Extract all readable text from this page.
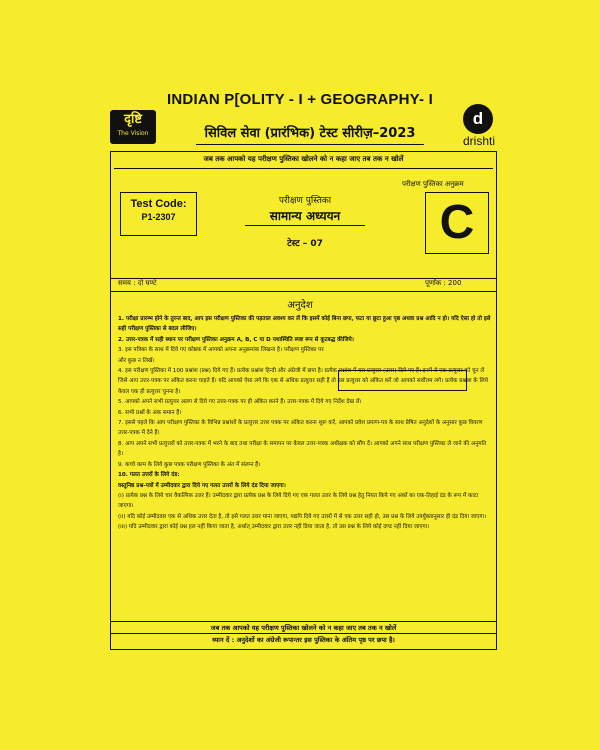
INDIAN P[OLITY - I + GEOGRAPHY- I
दृष्टि
The Vision	सिविल सेवा (प्रारंभिक) टेस्ट सीरीज़–2023
d
drishti
जब तक आपको यह परीक्षण पुस्तिका खोलने को न कहा जाए तब तक न खोलें
परीक्षण पुस्तिका अनुक्रम
Test Code:
P1-2307
परीक्षण पुस्तिका
सामान्य अध्ययन
टेस्ट – 07	C
समय : दो घण्टे	पूर्णांक : 200
अनुदेश

1. परीक्षा प्रारम्भ होने के तुरन्त बाद, आप इस परीक्षण पुस्तिका की पड़ताल अवश्य कर लें कि इसमें कोई बिना छपा, फटा या छूटा हुआ पृष्ठ अथवा प्रश्न आदि न हो। यदि ऐसा हो तो इसे सही परीक्षण पुस्तिका से बदल लीजिए।

2. उत्तर-पत्रक में सही स्थान पर परीक्षण पुस्तिका अनुक्रम A, B, C या D यथास्थिति स्पष्ट रूप से कूटबद्ध कीजिये।

3. इस पत्रिका के साथ में दिये गए कोष्ठक में आपको अपना अनुक्रमांक लिखना है। परीक्षण पुस्तिका पर और कुछ न लिखें।

4. इस परीक्षण पुस्तिका में 100 प्रश्नांश (प्रश्न) दिये गए हैं। प्रत्येक प्रश्नांश हिन्दी और अंग्रेजी में छपा है। प्रत्येक प्रश्नांश में चार प्रत्युत्तर (उत्तर) दिये गए हैं। इनमें से एक प्रत्युत्तर को चुन लें जिसे आप उत्तर-पत्रक पर अंकित करना चाहते हैं। यदि आपको ऐसा लगे कि एक से अधिक प्रत्युत्तर सही हैं तो उस प्रत्युत्तर को अंकित करें जो आपको सर्वोत्तम लगे। प्रत्येक प्रश्नांश के लिये केवल एक ही प्रत्युत्तर चुनना है।

5. आपको अपने सभी प्रत्युत्तर अलग से दिये गए उत्तर-पत्रक पर ही अंकित करने हैं। उत्तर-पत्रक में दिये गए निर्देश देख लें।

6. सभी प्रश्नों के अंक समान हैं।

7. इससे पहले कि आप परीक्षण पुस्तिका के विभिन्न प्रश्नांशों के प्रत्युत्तर उत्तर पत्रक पर अंकित करना शुरू करें, आपको प्रवेश प्रमाण-पत्र के साथ प्रेषित अनुदेशों के अनुसार कुछ विवरण उत्तर-पत्रक में देने हैं।

8. आप अपने सभी प्रत्युत्तरों को उत्तर-पत्रक में भरने के बाद तथा परीक्षा के समापन पर केवल उत्तर-पत्रक अधीक्षक को सौंप दें। आपको अपने साथ परीक्षण पुस्तिका ले जाने की अनुमति है।

9. कच्चे काम के लिये कुछ पत्रक परीक्षण पुस्तिका के अंत में संलग्न हैं।

10. गलत उत्तरों के लिये दंड:

वस्तुनिष्ठ प्रश्न-पत्रों में उम्मीदवार द्वारा दिये गए गलत उत्तरों के लिये दंड दिया जाएगा।

(i) प्रत्येक प्रश्न के लिये चार वैकल्पिक उत्तर हैं। उम्मीदवार द्वारा प्रत्येक प्रश्न के लिये दिये गए एक गलत उत्तर के लिये प्रश्न हेतु नियत किये गए अंकों का एक-तिहाई दंड के रूप में काटा जाएगा।

(ii) यदि कोई उम्मीदवार एक से अधिक उत्तर देता है, तो इसे गलत उत्तर माना जाएगा, यद्यपि दिये गए उत्तरों में से एक उत्तर सही हो, उस प्रश्न के लिये उपर्युक्तानुसार ही दंड दिया जाएगा।

(iii) यदि उम्मीदवार द्वारा कोई प्रश्न हल नहीं किया जाता है, अर्थात् उम्मीदवार द्वारा उत्तर नहीं दिया जाता है, तो उस प्रश्न के लिये कोई दण्ड नहीं दिया जाएगा।

जब तक आपको यह परीक्षण पुस्तिका खोलने को न कहा जाए तब तक न खोलें
ध्यान दें : अनुदेशों का अंग्रेजी रूपान्तर इस पुस्तिका के अंतिम पृष्ठ पर छपा है।
